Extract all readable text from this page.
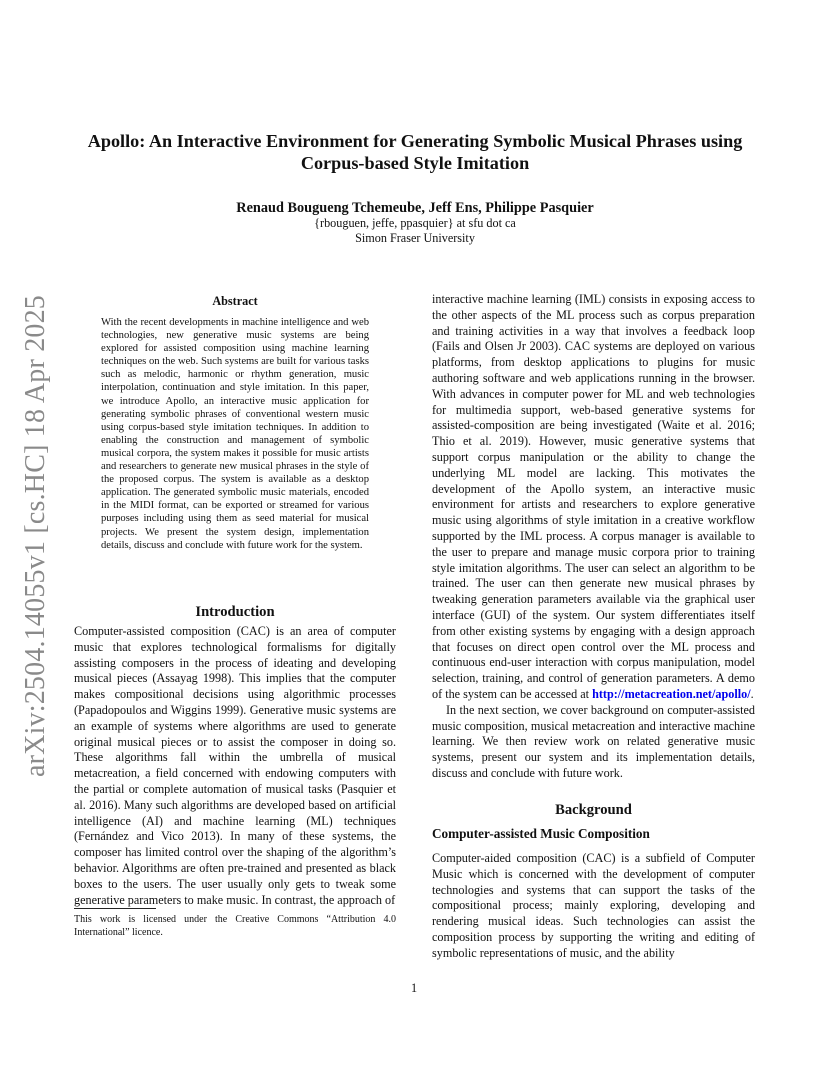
arXiv:2504.14055v1 [cs.HC] 18 Apr 2025
Apollo: An Interactive Environment for Generating Symbolic Musical Phrases using Corpus-based Style Imitation
Renaud Bougueng Tchemeube, Jeff Ens, Philippe Pasquier
{rbouguen, jeffe, ppasquier} at sfu dot ca
Simon Fraser University
Abstract
With the recent developments in machine intelligence and web technologies, new generative music systems are being explored for assisted composition using machine learning techniques on the web. Such systems are built for various tasks such as melodic, harmonic or rhythm generation, music interpolation, continuation and style imitation. In this paper, we introduce Apollo, an interactive music application for generating symbolic phrases of conventional western music using corpus-based style imitation techniques. In addition to enabling the construction and management of symbolic musical corpora, the system makes it possible for music artists and researchers to generate new musical phrases in the style of the proposed corpus. The system is available as a desktop application. The generated symbolic music materials, encoded in the MIDI format, can be exported or streamed for various purposes including using them as seed material for musical projects. We present the system design, implementation details, discuss and conclude with future work for the system.
Introduction
Computer-assisted composition (CAC) is an area of computer music that explores technological formalisms for digitally assisting composers in the process of ideating and developing musical pieces (Assayag 1998). This implies that the computer makes compositional decisions using algorithmic processes (Papadopoulos and Wiggins 1999). Generative music systems are an example of systems where algorithms are used to generate original musical pieces or to assist the composer in doing so. These algorithms fall within the umbrella of musical metacreation, a field concerned with endowing computers with the partial or complete automation of musical tasks (Pasquier et al. 2016). Many such algorithms are developed based on artificial intelligence (AI) and machine learning (ML) techniques (Fernández and Vico 2013). In many of these systems, the composer has limited control over the shaping of the algorithm’s behavior. Algorithms are often pre-trained and presented as black boxes to the users. The user usually only gets to tweak some generative parameters to make music. In contrast, the approach of
This work is licensed under the Creative Commons “Attribution 4.0 International” licence.

interactive machine learning (IML) consists in exposing access to the other aspects of the ML process such as corpus preparation and training activities in a way that involves a feedback loop (Fails and Olsen Jr 2003). CAC systems are deployed on various platforms, from desktop applications to plugins for music authoring software and web applications running in the browser. With advances in computer power for ML and web technologies for multimedia support, web-based generative systems for assisted-composition are being investigated (Waite et al. 2016; Thio et al. 2019). However, music generative systems that support corpus manipulation or the ability to change the underlying ML model are lacking. This motivates the development of the Apollo system, an interactive music environment for artists and researchers to explore generative music using algorithms of style imitation in a creative workflow supported by the IML process. A corpus manager is available to the user to prepare and manage music corpora prior to training style imitation algorithms. The user can select an algorithm to be trained. The user can then generate new musical phrases by tweaking generation parameters available via the graphical user interface (GUI) of the system. Our system differentiates itself from other existing systems by engaging with a design approach that focuses on direct open control over the ML process and continuous end-user interaction with corpus manipulation, model selection, training, and control of generation parameters. A demo of the system can be accessed at http://metacreation.net/apollo/.

In the next section, we cover background on computer-assisted music composition, musical metacreation and interactive machine learning. We then review work on related generative music systems, present our system and its implementation details, discuss and conclude with future work.

Background
Computer-assisted Music Composition
Computer-aided composition (CAC) is a subfield of Computer Music which is concerned with the development of computer technologies and systems that can support the tasks of the compositional process; mainly exploring, developing and rendering musical ideas. Such technologies can assist the composition process by supporting the writing and editing of symbolic representations of music, and the ability
1
